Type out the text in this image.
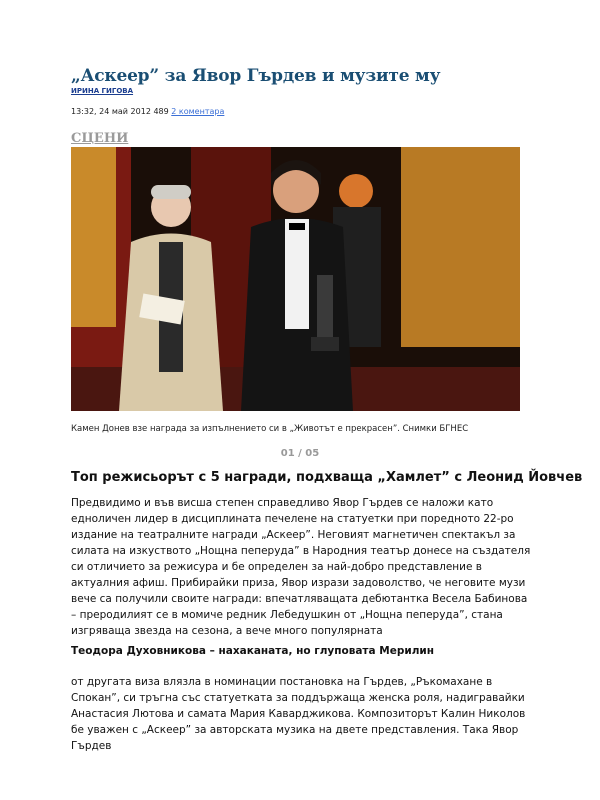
„Аскеер” за Явор Гърдев и музите му
ИРИНА ГИГОВА
13:32, 24 май 2012 489 2 коментара
СЦЕНИ
Камен Донев взе награда за изпълнението си в „Животът е прекрасен”. Снимки БГНЕС
01 / 05
Топ режисьорът с 5 награди, подхваща „Хамлет” с Леонид Йовчев

Предвидимо и във висша степен справедливо Явор Гърдев се наложи като едноличен лидер в дисциплината печелене на статуетки при поредното 22-ро издание на театралните награди „Аскеер”. Неговият магнетичен спектакъл за силата на изкуството „Нощна пеперуда” в Народния театър донесе на създателя си отличието за режисура и бе определен за най-добро представление в актуалния афиш. Прибирайки приза, Явор изрази задоволство, че неговите музи вече са получили своите награди: впечатляващата дебютантка Весела Бабинова – преродилият се в момиче редник Лебедушкин от „Нощна пеперуда”, стана изгряваща звезда на сезона, а вече много популярната

Теодора Духовникова – нахаканата, но глуповата Мерилин

от другата виза влязла в номинации постановка на Гърдев, „Ръкомахане в Спокан”, си тръгна със статуетката за поддържаща женска роля, надигравайки Анастасия Лютова и самата Мария Каварджикова. Композиторът Калин Николов бе уважен с „Аскеер” за авторската музика на двете представления. Така Явор Гърдев
